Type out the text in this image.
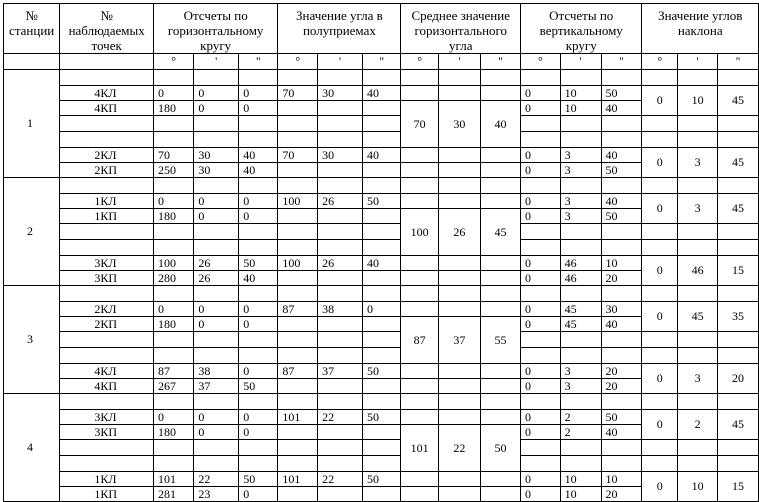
№ станции	№ наблюдаемых точек	Отсчеты по горизонтальному кругу			Значение угла в полуприемах			Среднее значение горизонтального угла			Отсчеты по вертикальному кругу			Значение углов наклона		
		°	'	''	°	'	''	°	'	''	°	'	''	°	'	''
1																
	4КЛ	0	0	0	70	30	40				0	10	50	0	10	45
	4КП	180	0	0				70	30	40	0	10	40			

	2КЛ	70	30	40	70	30	40				0	3	40	0	3	45
	2КП	250	30	40							0	3	50			
2																
	1КЛ	0	0	0	100	26	50				0	3	40	0	3	45
	1КП	180	0	0				100	26	45	0	3	50			

	3КЛ	100	26	50	100	26	40				0	46	10	0	46	15
	3КП	280	26	40							0	46	20			
3																
	2КЛ	0	0	0	87	38	0				0	45	30	0	45	35
	2КП	180	0	0				87	37	55	0	45	40			

	4КЛ	87	38	0	87	37	50				0	3	20	0	3	20
	4КП	267	37	50							0	3	20			
4																
	3КЛ	0	0	0	101	22	50				0	2	50	0	2	45
	3КП	180	0	0				101	22	50	0	2	40			

	1КЛ	101	22	50	101	22	50				0	10	10	0	10	15
	1КП	281	23	0							0	10	20			
